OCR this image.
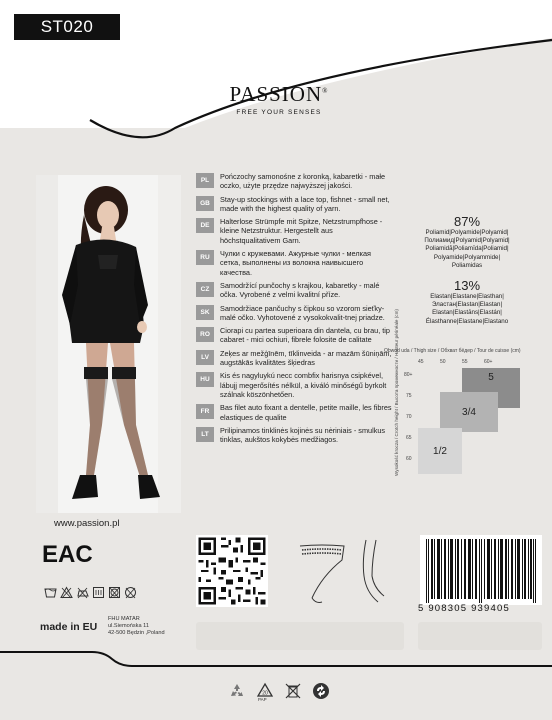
ST020
PASSION®
FREE YOUR SENSES
www.passion.pl
PL	Pończochy samonośne z koronką, kabaretki - małe oczko, użyte przędze najwyższej jakości.
GB	Stay-up stockings with a lace top, fishnet - small net, made with the highest quality of yarn.
DE	Halterlose Strümpfe mit Spitze, Netzstrumpfhose - kleine Netzstruktur. Hergestellt aus höchstqualitativem Garn.
RU	Чулки с кружевами. Ажурные чулки - мелкая сетка, выполнены из волокна наивысшего качества.
CZ	Samodržící punčochy s krajkou, kabaretky - malé očka. Vyrobené z velmi kvalitní příze.
SK	Samodržiace pančuchy s čipkou so vzorom sieťky- malé očko. Vyhotovené z vysokokvalit-tnej priadze.
RO	Ciorapi cu partea superioara din dantela, cu brau, tip cabaret - mici ochiuri, fibrele folosite de calitate
LV	Zeķes ar mežģīnēm, tīklinveida - ar mazām šūniņām, augstākās kvalitātes šķiedras
HU	Kis és nagyluykú necc combfix harisnya csipkével, lábujj megerősítés nélkül, a kiváló minőségű byrkolt szálnak köszönhetően.
FR	Bas filet auto fixant a dentelle, petite maille, les fibres elastiques de qualite
LT	Prilipinamos tinklinės kojinės su nėriniais - smulkus tinklas, aukštos kokybės medžiagos.
87%
Poliamid|Polyamide|Polyamid|
Полиамид|Polyamid|Polyamid|
Poliamidă|Poliamīda|Poliamid|
Polyamide|Polyammide|
Poliamidas
13%
Elastan|Elastane|Elasthan|
Эластан|Elastan|Elastan|
Elastan|Elastāns|Elastán|
Élasthanne|Elastane|Elastano
Obwód uda / Thigh size / Обхват бёдер / Tour de cuisse (cm)
45	50	55	60+
Wysokość krocza / Crotch height / Высота промежности / Hauteur périnéale (cm) 80+
75
70
65
60
5
3/4
1/2
EAC
made in EU
FHU MATAR
ul.Siemońska 11
42-500 Będzin ,Poland
5 908305 939405
20
PAP
